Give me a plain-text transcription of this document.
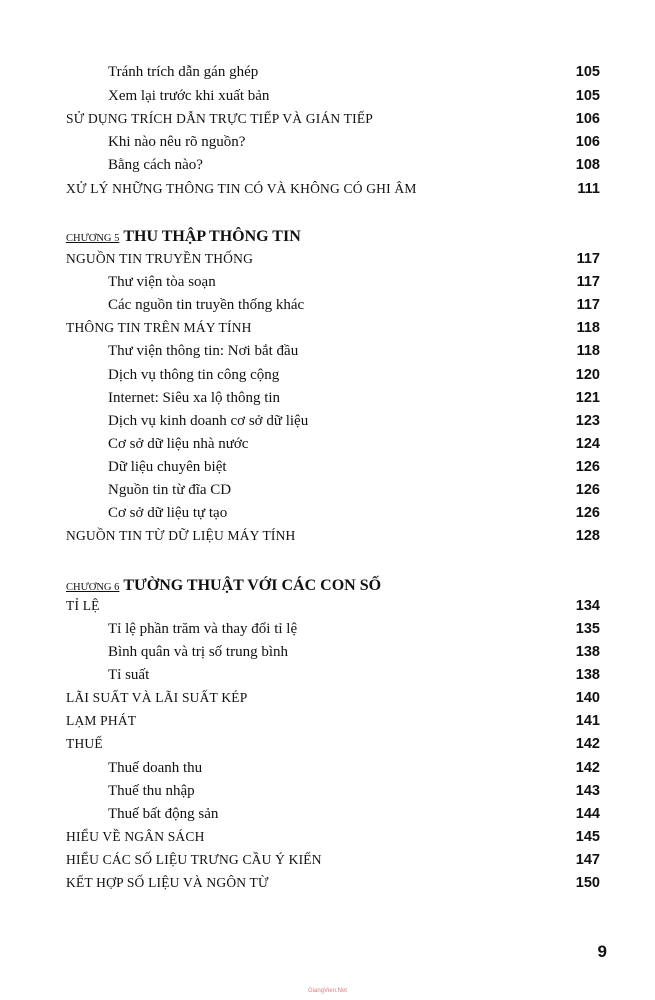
Tránh trích dẫn gán ghép	105
Xem lại trước khi xuất bản	105
SỬ DỤNG TRÍCH DẪN TRỰC TIẾP VÀ GIÁN TIẾP	106
Khi nào nêu rõ nguồn?	106
Bằng cách nào?	108
XỬ LÝ NHỮNG THÔNG TIN CÓ VÀ KHÔNG CÓ GHI ÂM	111
CHƯƠNG 5 THU THẬP THÔNG TIN
NGUỒN TIN TRUYỀN THỐNG	117
Thư viện tòa soạn	117
Các nguồn tin truyền thống khác	117
THÔNG TIN TRÊN MÁY TÍNH	118
Thư viện thông tin: Nơi bắt đầu	118
Dịch vụ thông tin công cộng	120
Internet: Siêu xa lộ thông tin	121
Dịch vụ kinh doanh cơ sở dữ liệu	123
Cơ sở dữ liệu nhà nước	124
Dữ liệu chuyên biệt	126
Nguồn tin từ đĩa CD	126
Cơ sở dữ liệu tự tạo	126
NGUỒN TIN TỪ DỮ LIỆU MÁY TÍNH	128
CHƯƠNG 6 TƯỜNG THUẬT VỚI CÁC CON SỐ
TỈ LỆ	134
Tỉ lệ phần trăm và thay đổi tỉ lệ	135
Bình quân và trị số trung bình	138
Tỉ suất	138
LÃI SUẤT VÀ LÃI SUẤT KÉP	140
LẠM PHÁT	141
THUẾ	142
Thuế doanh thu	142
Thuế thu nhập	143
Thuế bất động sản	144
HIỂU VỀ NGÂN SÁCH	145
HIỂU CÁC SỐ LIỆU TRƯNG CẦU Ý KIẾN	147
KẾT HỢP SỐ LIỆU VÀ NGÔN TỪ	150
9
GiangVien.Net
